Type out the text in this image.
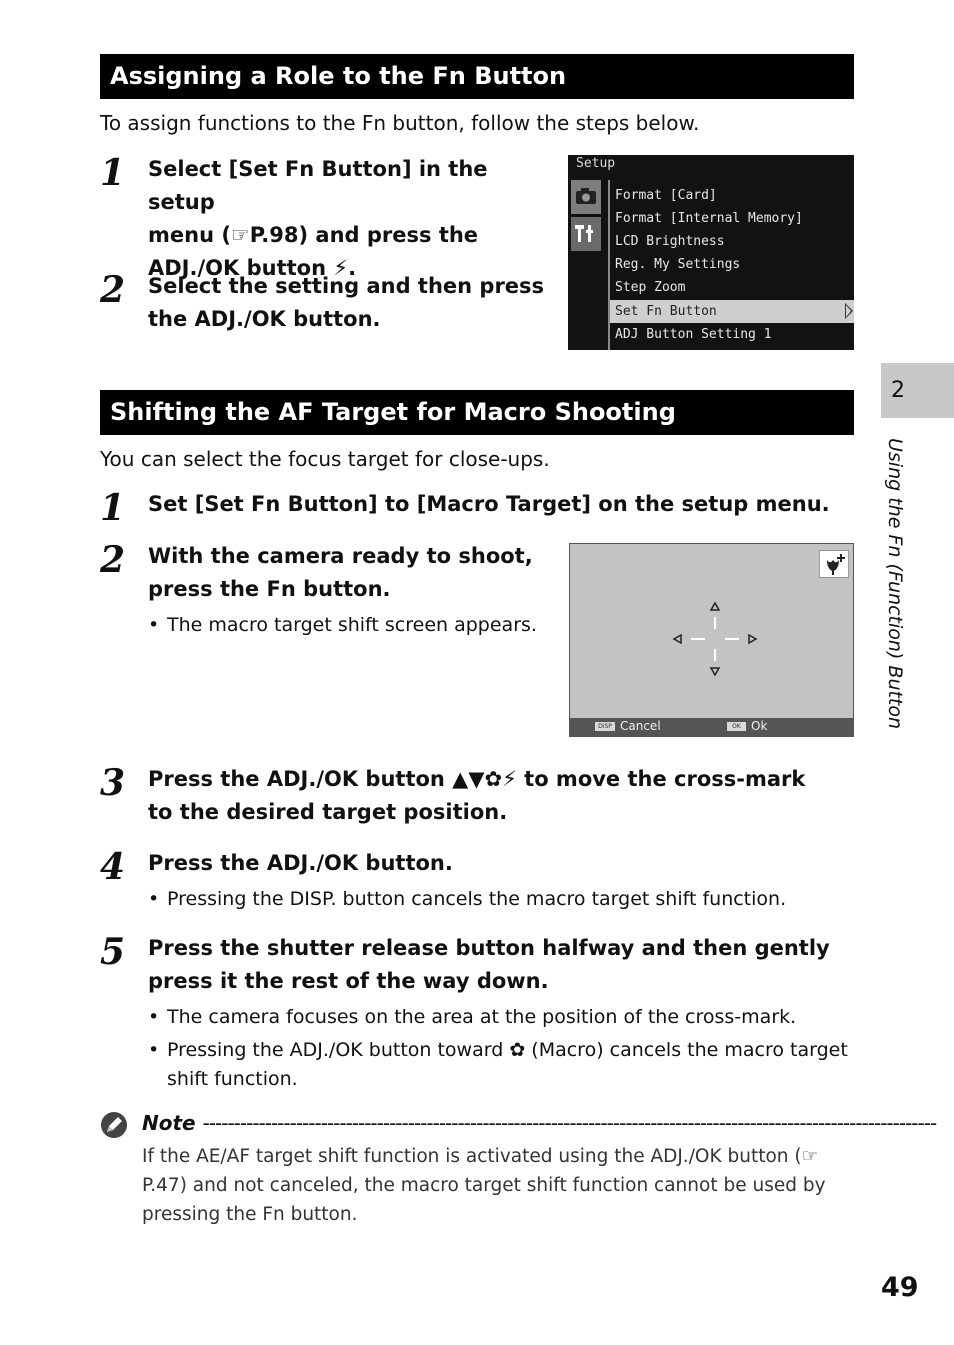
Assigning a Role to the Fn Button
To assign functions to the Fn button, follow the steps below.
1 Select [Set Fn Button] in the setup
menu (☞P.98) and press the
ADJ./OK button ⚡.
2 Select the setting and then press
the ADJ./OK button.
Setup
Format [Card]
Format [Internal Memory]
LCD Brightness
Reg. My Settings
Step Zoom
Set Fn Button
ADJ Button Setting 1
Shifting the AF Target for Macro Shooting
You can select the focus target for close-ups.
1 Set [Set Fn Button] to [Macro Target] on the setup menu.
2 With the camera ready to shoot,
press the Fn button.
• The macro target shift screen appears.
DISP Cancel	OK Ok
3 Press the ADJ./OK button ▲▼✿⚡ to move the cross-mark
to the desired target position.
4 Press the ADJ./OK button.
• Pressing the DISP. button cancels the macro target shift function.
5 Press the shutter release button halfway and then gently
press it the rest of the way down.
• The camera focuses on the area at the position of the cross-mark.
• Pressing the ADJ./OK button toward ✿ (Macro) cancels the macro target shift function.
Note ----------------------------------------------------------------------------------------------------------------------
If the AE/AF target shift function is activated using the ADJ./OK button (☞P.47) and not canceled, the macro target shift function cannot be used by pressing the Fn button.
2
Using the Fn (Function) Button
49
